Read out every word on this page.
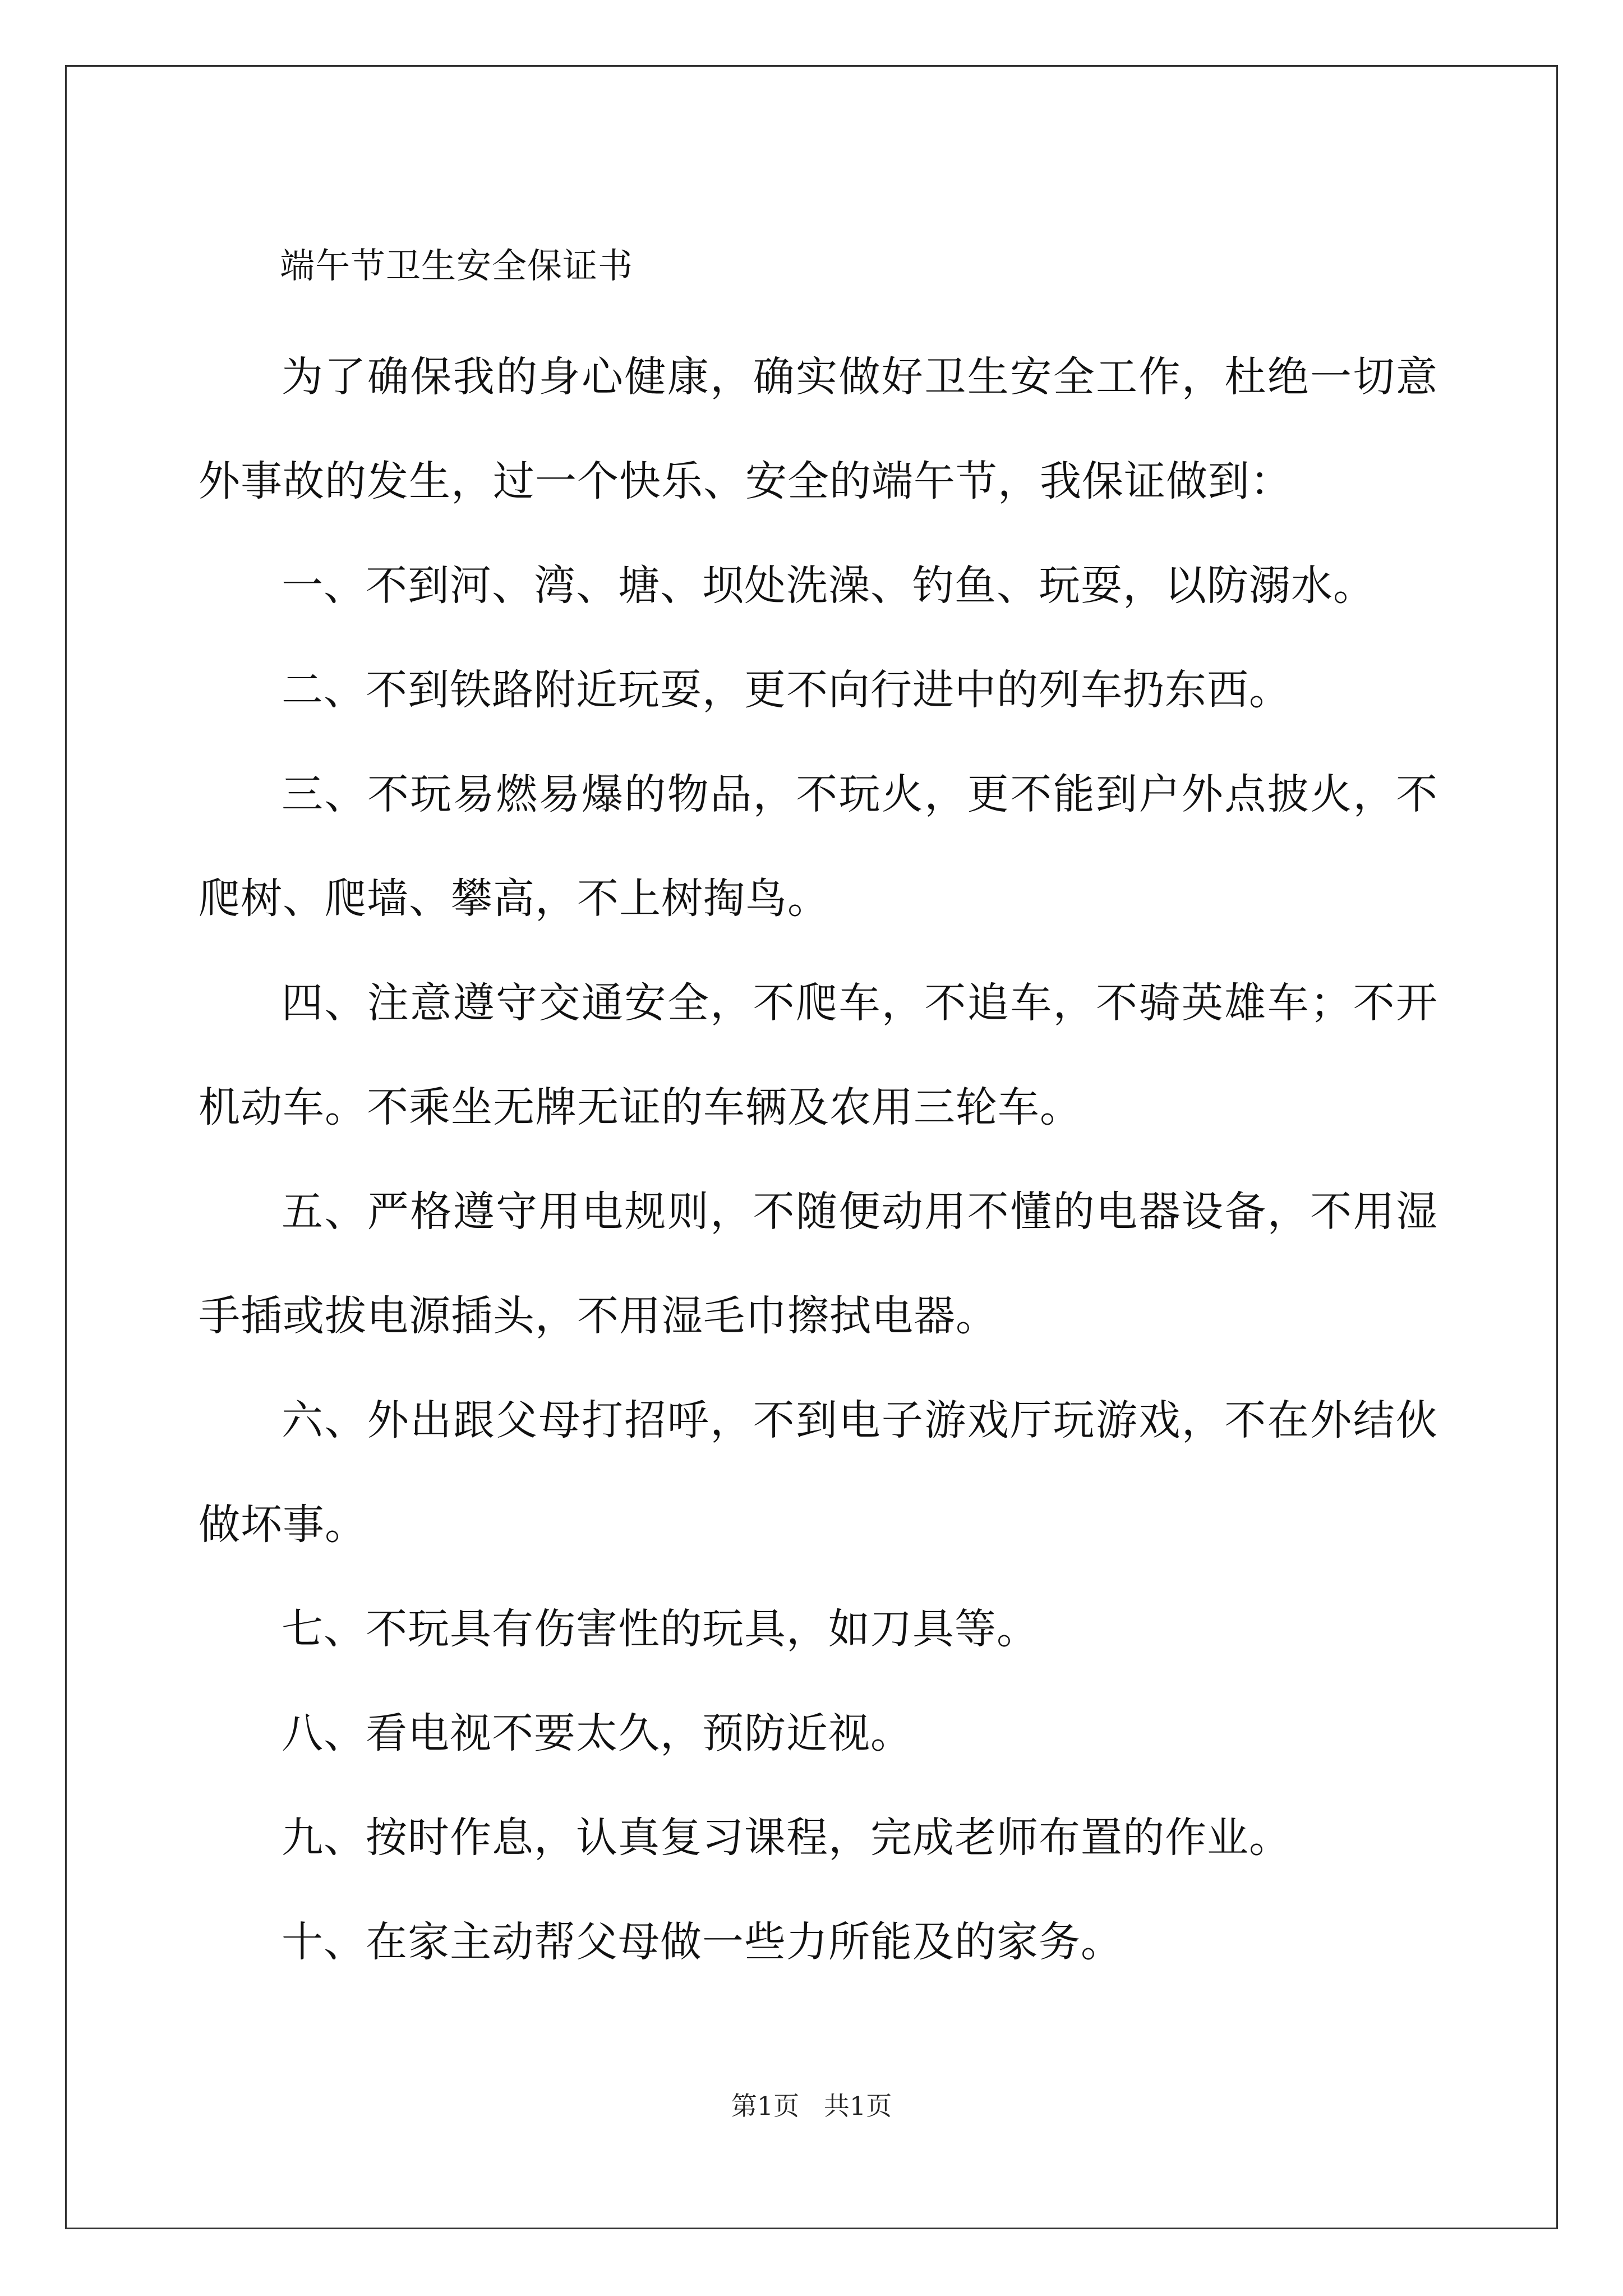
端午节卫生安全保证书
为了确保我的身心健康，确实做好卫生安全工作，杜绝一切意外事故的发生，过一个快乐、安全的端午节，我保证做到：
一、不到河、湾、塘、坝处洗澡、钓鱼、玩耍，以防溺水。
二、不到铁路附近玩耍，更不向行进中的列车扔东西。
三、不玩易燃易爆的物品，不玩火，更不能到户外点披火，不爬树、爬墙、攀高，不上树掏鸟。
四、注意遵守交通安全，不爬车，不追车，不骑英雄车；不开机动车。不乘坐无牌无证的车辆及农用三轮车。
五、严格遵守用电规则，不随便动用不懂的电器设备，不用湿手插或拔电源插头，不用湿毛巾擦拭电器。
六、外出跟父母打招呼，不到电子游戏厅玩游戏，不在外结伙做坏事。
七、不玩具有伤害性的玩具，如刀具等。
八、看电视不要太久，预防近视。
九、按时作息，认真复习课程，完成老师布置的作业。
十、在家主动帮父母做一些力所能及的家务。
第1页   共1页
